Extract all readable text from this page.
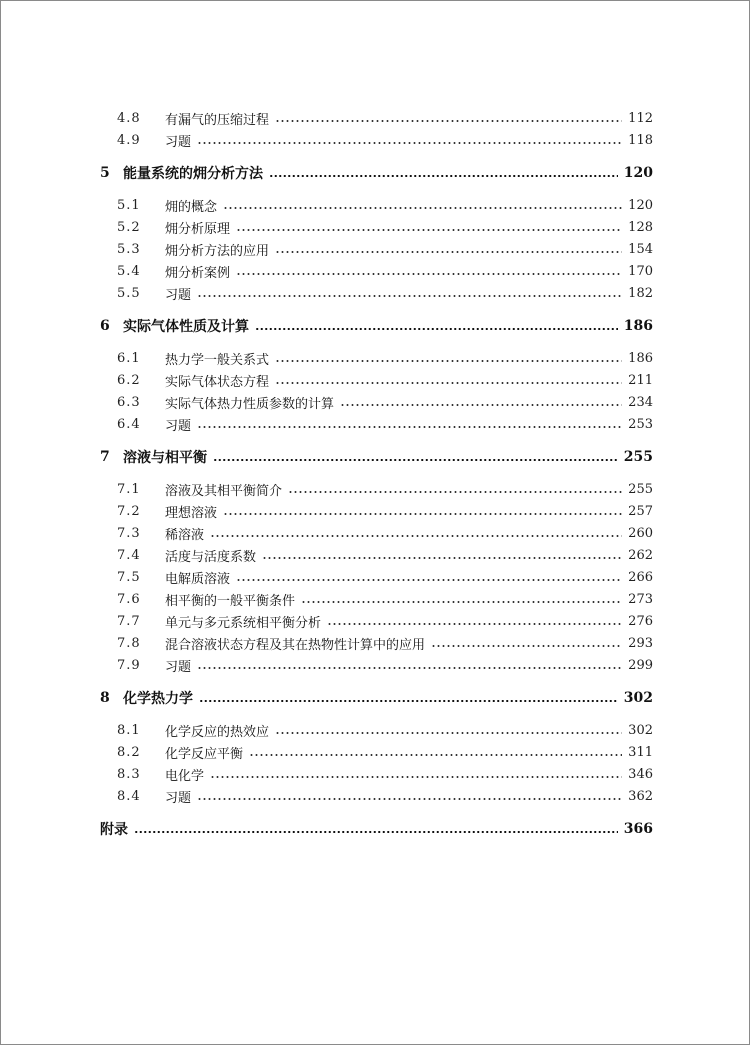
4.8	有漏气的压缩过程	112
4.9	习题	118
5 能量系统的㶲分析方法	120
5.1	㶲的概念	120
5.2	㶲分析原理	128
5.3	㶲分析方法的应用	154
5.4	㶲分析案例	170
5.5	习题	182
6 实际气体性质及计算	186
6.1	热力学一般关系式	186
6.2	实际气体状态方程	211
6.3	实际气体热力性质参数的计算	234
6.4	习题	253
7 溶液与相平衡	255
7.1	溶液及其相平衡简介	255
7.2	理想溶液	257
7.3	稀溶液	260
7.4	活度与活度系数	262
7.5	电解质溶液	266
7.6	相平衡的一般平衡条件	273
7.7	单元与多元系统相平衡分析	276
7.8	混合溶液状态方程及其在热物性计算中的应用	293
7.9	习题	299
8 化学热力学	302
8.1	化学反应的热效应	302
8.2	化学反应平衡	311
8.3	电化学	346
8.4	习题	362
附录	366
